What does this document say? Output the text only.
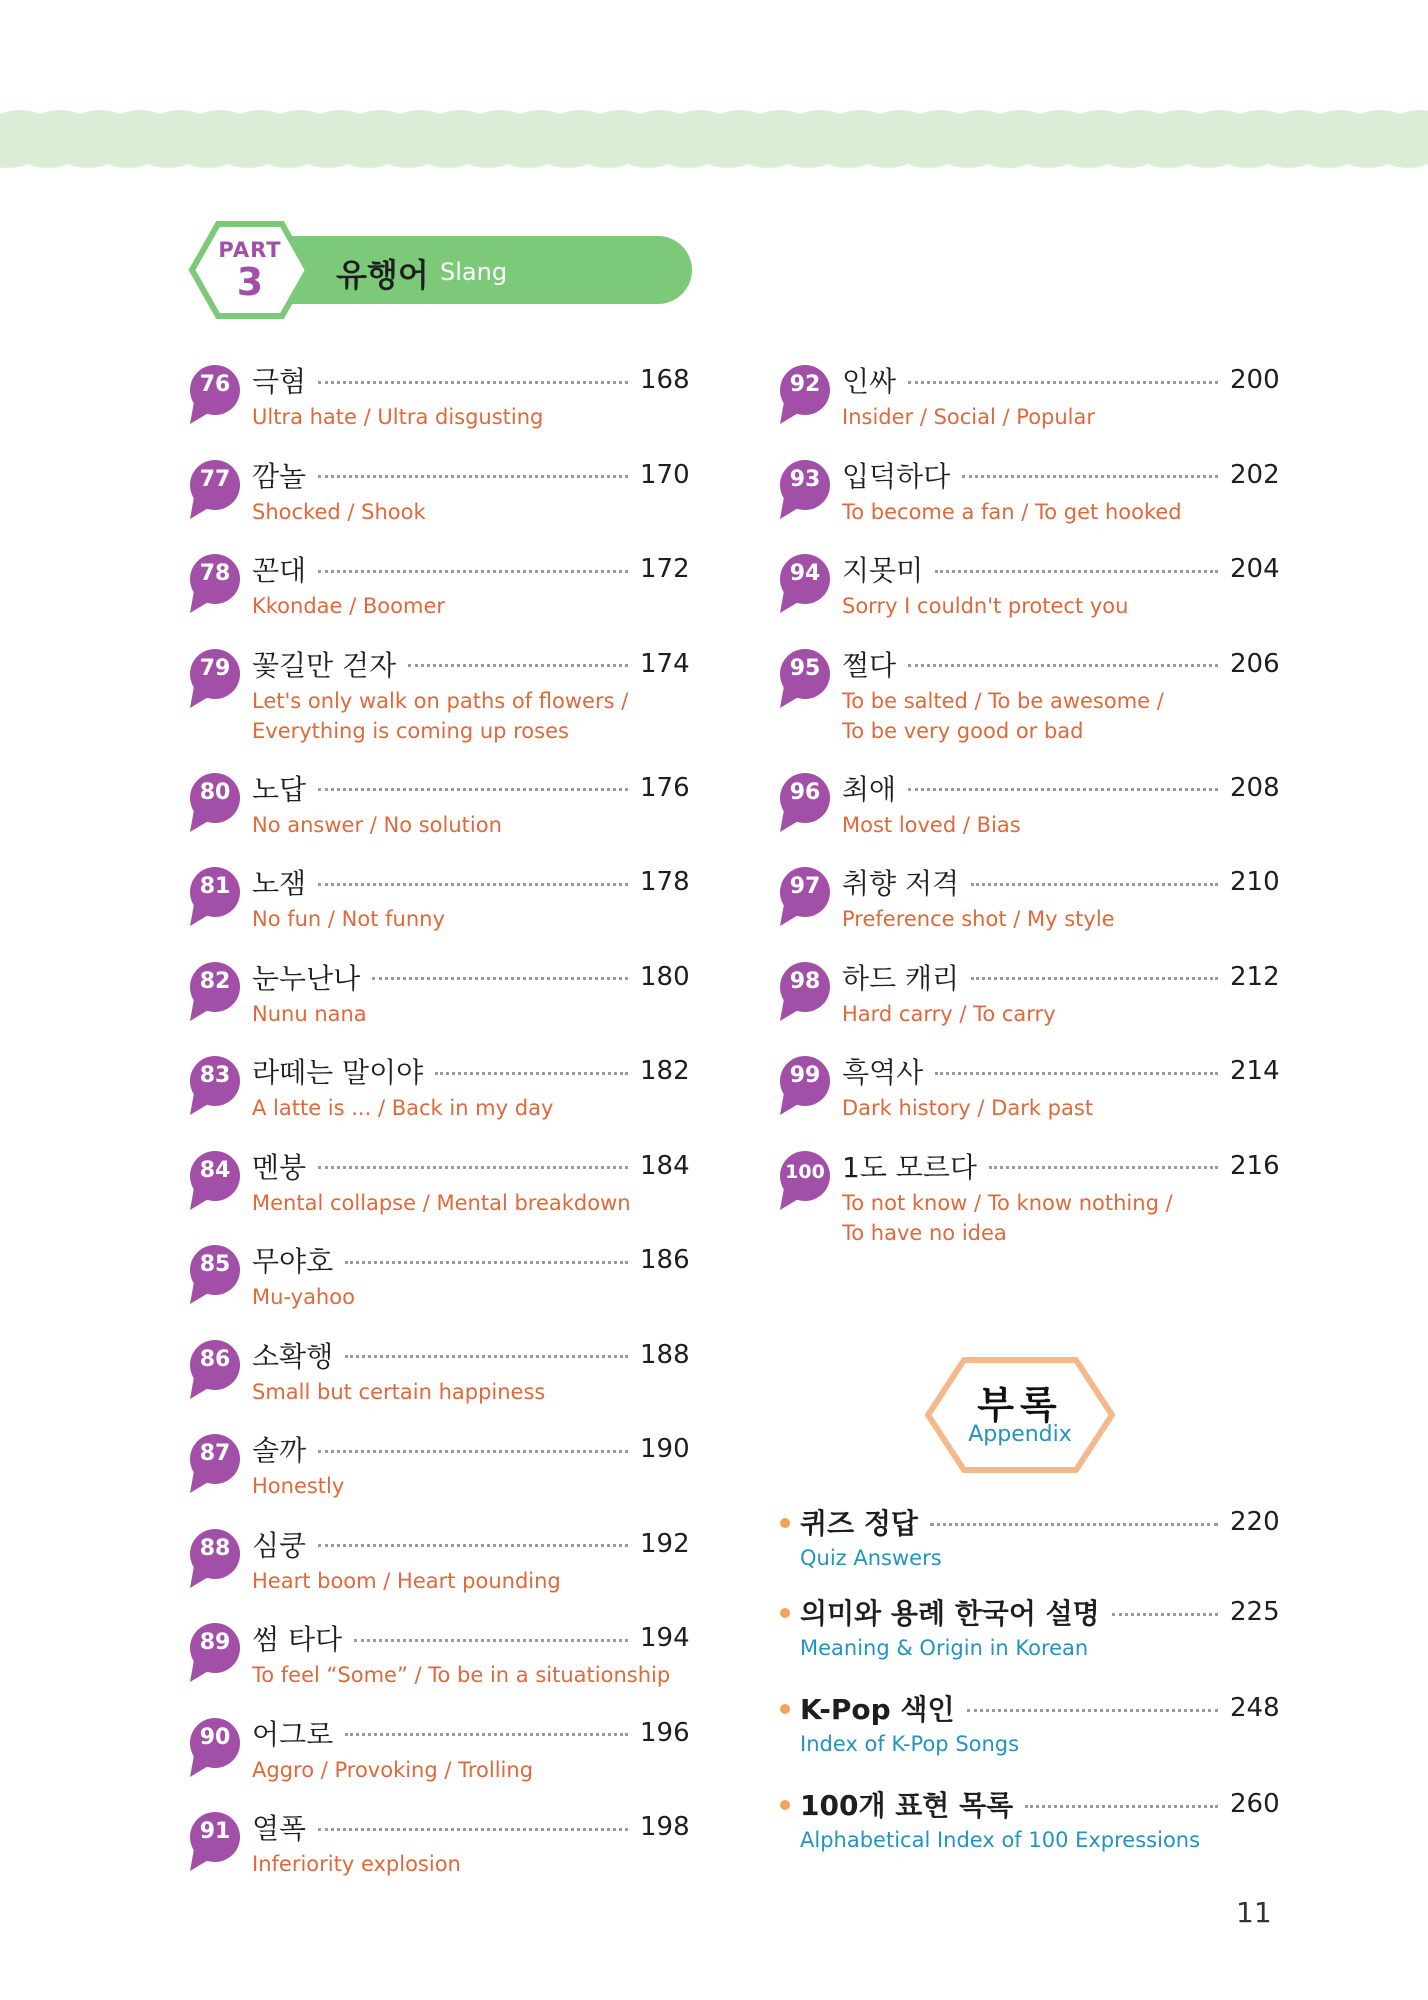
PART
3	유행어 Slang
76 극혐	168
Ultra hate / Ultra disgusting
77 깜놀	170
Shocked / Shook
78 꼰대	172
Kkondae / Boomer
79 꽃길만 걷자	174
Let's only walk on paths of flowers /
Everything is coming up roses
80 노답	176
No answer / No solution
81 노잼	178
No fun / Not funny
82 눈누난나	180
Nunu nana
83 라떼는 말이야	182
A latte is ... / Back in my day
84 멘붕	184
Mental collapse / Mental breakdown
85 무야호	186
Mu-yahoo
86 소확행	188
Small but certain happiness
87 솔까	190
Honestly
88 심쿵	192
Heart boom / Heart pounding
89 썸 타다	194
To feel “Some” / To be in a situationship
90 어그로	196
Aggro / Provoking / Trolling
91 열폭	198
Inferiority explosion
92 인싸	200
Insider / Social / Popular
93 입덕하다	202
To become a fan / To get hooked
94 지못미	204
Sorry I couldn't protect you
95 쩔다	206
To be salted / To be awesome /
To be very good or bad
96 최애	208
Most loved / Bias
97 취향 저격	210
Preference shot / My style
98 하드 캐리	212
Hard carry / To carry
99 흑역사	214
Dark history / Dark past
100 1도 모르다	216
To not know / To know nothing /
To have no idea
부록
Appendix
퀴즈 정답	220
Quiz Answers
의미와 용례 한국어 설명	225
Meaning & Origin in Korean
K-Pop 색인	248
Index of K-Pop Songs
100개 표현 목록	260
Alphabetical Index of 100 Expressions
11
